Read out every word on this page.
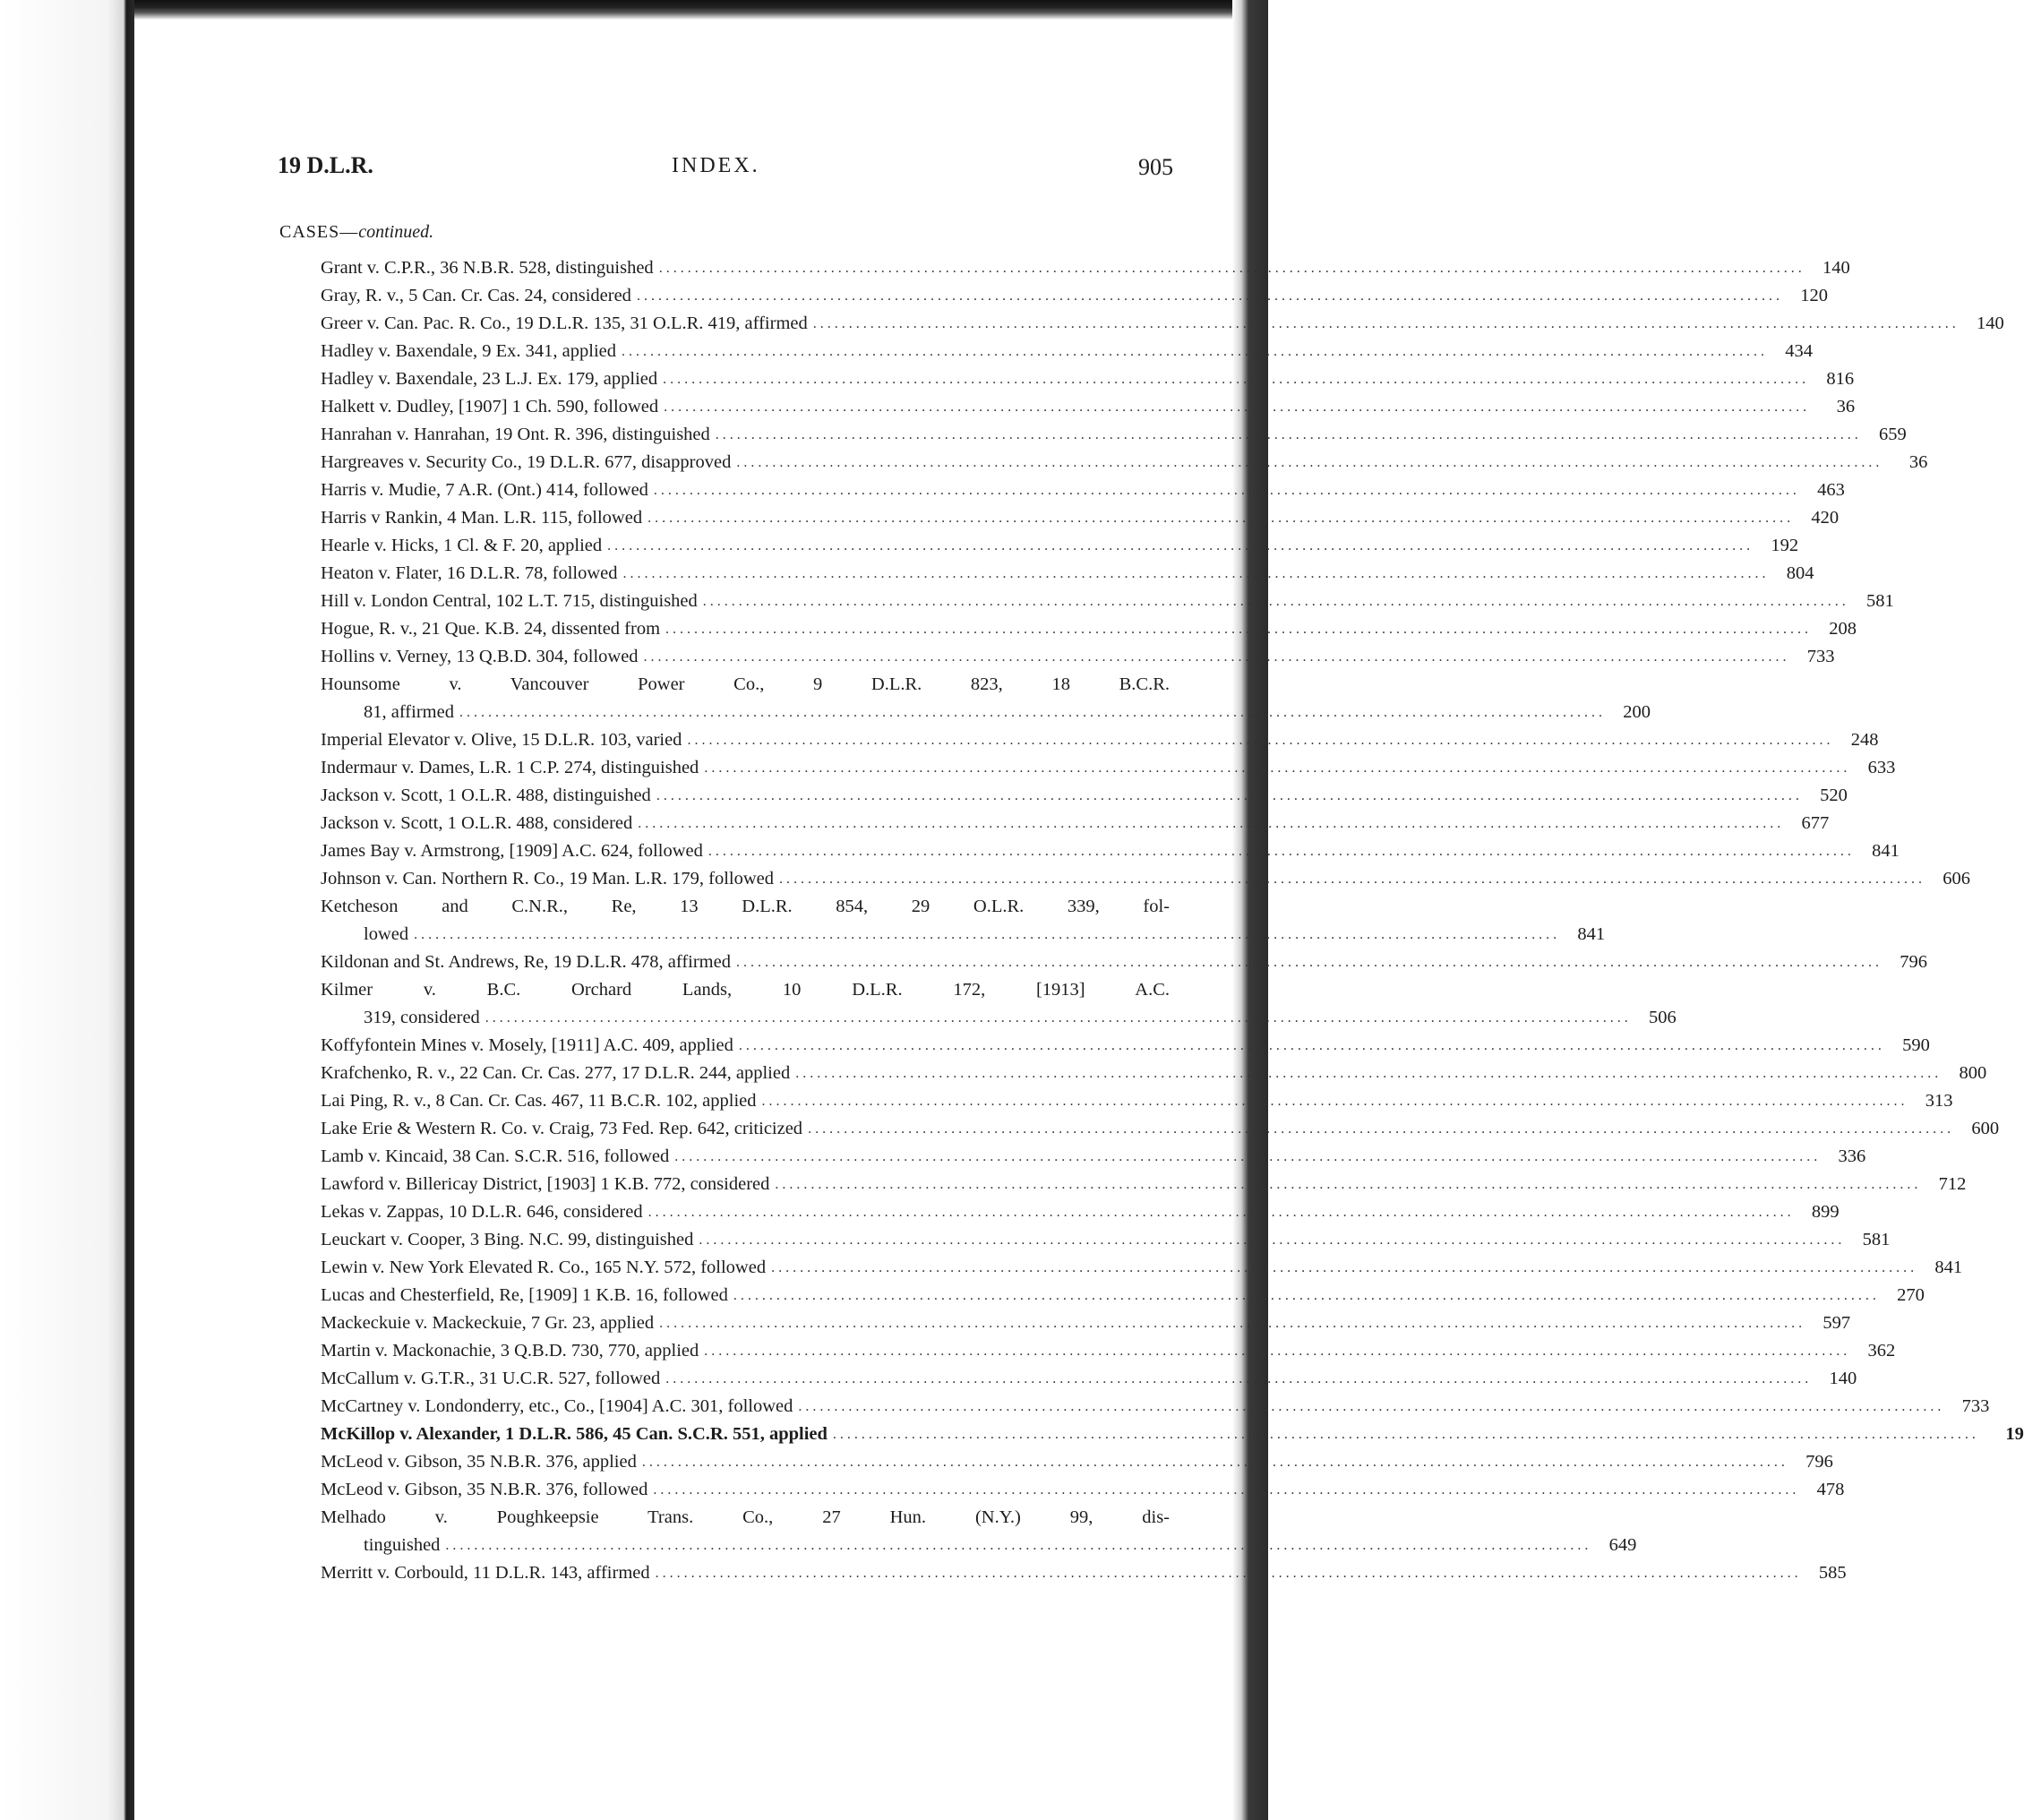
19 D.L.R.	INDEX.	905
CASES—continued.
Grant v. C.P.R., 36 N.B.R. 528, distinguished .....	140
Gray, R. v., 5 Can. Cr. Cas. 24, considered .....	120
Greer v. Can. Pac. R. Co., 19 D.L.R. 135, 31 O.L.R. 419, affirmed .....	140
Hadley v. Baxendale, 9 Ex. 341, applied .....	434
Hadley v. Baxendale, 23 L.J. Ex. 179, applied .....	816
Halkett v. Dudley, [1907] 1 Ch. 590, followed .....	36
Hanrahan v. Hanrahan, 19 Ont. R. 396, distinguished .....	659
Hargreaves v. Security Co., 19 D.L.R. 677, disapproved .....	36
Harris v. Mudie, 7 A.R. (Ont.) 414, followed .....	463
Harris v Rankin, 4 Man. L.R. 115, followed .....	420
Hearle v. Hicks, 1 Cl. & F. 20, applied .....	192
Heaton v. Flater, 16 D.L.R. 78, followed .....	804
Hill v. London Central, 102 L.T. 715, distinguished .....	581
Hogue, R. v., 21 Que. K.B. 24, dissented from .....	208
Hollins v. Verney, 13 Q.B.D. 304, followed .....	733
Hounsome v. Vancouver Power Co., 9 D.L.R. 823, 18 B.C.R.
81, affirmed .....	200
Imperial Elevator v. Olive, 15 D.L.R. 103, varied .....	248
Indermaur v. Dames, L.R. 1 C.P. 274, distinguished .....	633
Jackson v. Scott, 1 O.L.R. 488, distinguished .....	520
Jackson v. Scott, 1 O.L.R. 488, considered .....	677
James Bay v. Armstrong, [1909] A.C. 624, followed .....	841
Johnson v. Can. Northern R. Co., 19 Man. L.R. 179, followed .....	606
Ketcheson and C.N.R., Re, 13 D.L.R. 854, 29 O.L.R. 339, fol-
lowed .....	841
Kildonan and St. Andrews, Re, 19 D.L.R. 478, affirmed .....	796
Kilmer v. B.C. Orchard Lands, 10 D.L.R. 172, [1913] A.C.
319, considered .....	506
Koffyfontein Mines v. Mosely, [1911] A.C. 409, applied .....	590
Krafchenko, R. v., 22 Can. Cr. Cas. 277, 17 D.L.R. 244, applied .....	800
Lai Ping, R. v., 8 Can. Cr. Cas. 467, 11 B.C.R. 102, applied .....	313
Lake Erie & Western R. Co. v. Craig, 73 Fed. Rep. 642, criticized .....	600
Lamb v. Kincaid, 38 Can. S.C.R. 516, followed .....	336
Lawford v. Billericay District, [1903] 1 K.B. 772, considered .....	712
Lekas v. Zappas, 10 D.L.R. 646, considered .....	899
Leuckart v. Cooper, 3 Bing. N.C. 99, distinguished .....	581
Lewin v. New York Elevated R. Co., 165 N.Y. 572, followed .....	841
Lucas and Chesterfield, Re, [1909] 1 K.B. 16, followed .....	270
Mackeckuie v. Mackeckuie, 7 Gr. 23, applied .....	597
Martin v. Mackonachie, 3 Q.B.D. 730, 770, applied .....	362
McCallum v. G.T.R., 31 U.C.R. 527, followed .....	140
McCartney v. Londonderry, etc., Co., [1904] A.C. 301, followed .....	733
McKillop v. Alexander, 1 D.L.R. 586, 45 Can. S.C.R. 551, applied .....	19
McLeod v. Gibson, 35 N.B.R. 376, applied .....	796
McLeod v. Gibson, 35 N.B.R. 376, followed .....	478
Melhado v. Poughkeepsie Trans. Co., 27 Hun. (N.Y.) 99, dis-
tinguished .....	649
Merritt v. Corbould, 11 D.L.R. 143, affirmed .....	585
